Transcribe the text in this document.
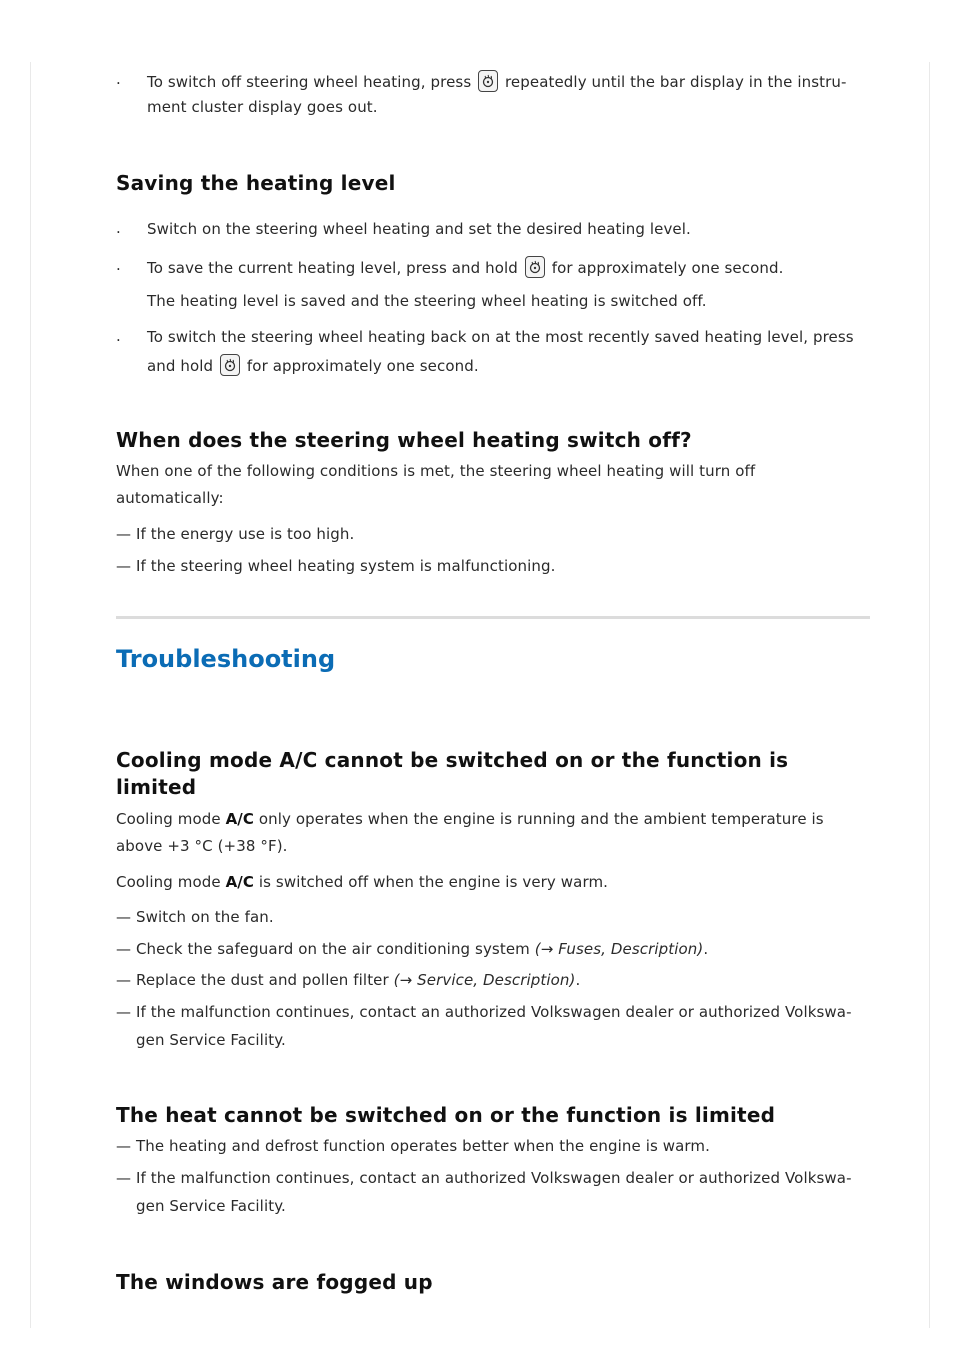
. To switch off steering wheel heating, press repeatedly until the bar display in the instru-
ment cluster display goes out.
Saving the heating level
. Switch on the steering wheel heating and set the desired heating level.
. To save the current heating level, press and hold for approximately one second.
The heating level is saved and the steering wheel heating is switched off.
. To switch the steering wheel heating back on at the most recently saved heating level, press
and hold for approximately one second.
When does the steering wheel heating switch off?
When one of the following conditions is met, the steering wheel heating will turn off
automatically:
— If the energy use is too high.
— If the steering wheel heating system is malfunctioning.
Troubleshooting
Cooling mode A/C cannot be switched on or the function is
limited
Cooling mode A/C only operates when the engine is running and the ambient temperature is
above +3 °C (+38 °F).
Cooling mode A/C is switched off when the engine is very warm.
— Switch on the fan.
— Check the safeguard on the air conditioning system (→ Fuses, Description).
— Replace the dust and pollen filter (→ Service, Description).
— If the malfunction continues, contact an authorized Volkswagen dealer or authorized Volkswa-
gen Service Facility.
The heat cannot be switched on or the function is limited
— The heating and defrost function operates better when the engine is warm.
— If the malfunction continues, contact an authorized Volkswagen dealer or authorized Volkswa-
gen Service Facility.
The windows are fogged up
